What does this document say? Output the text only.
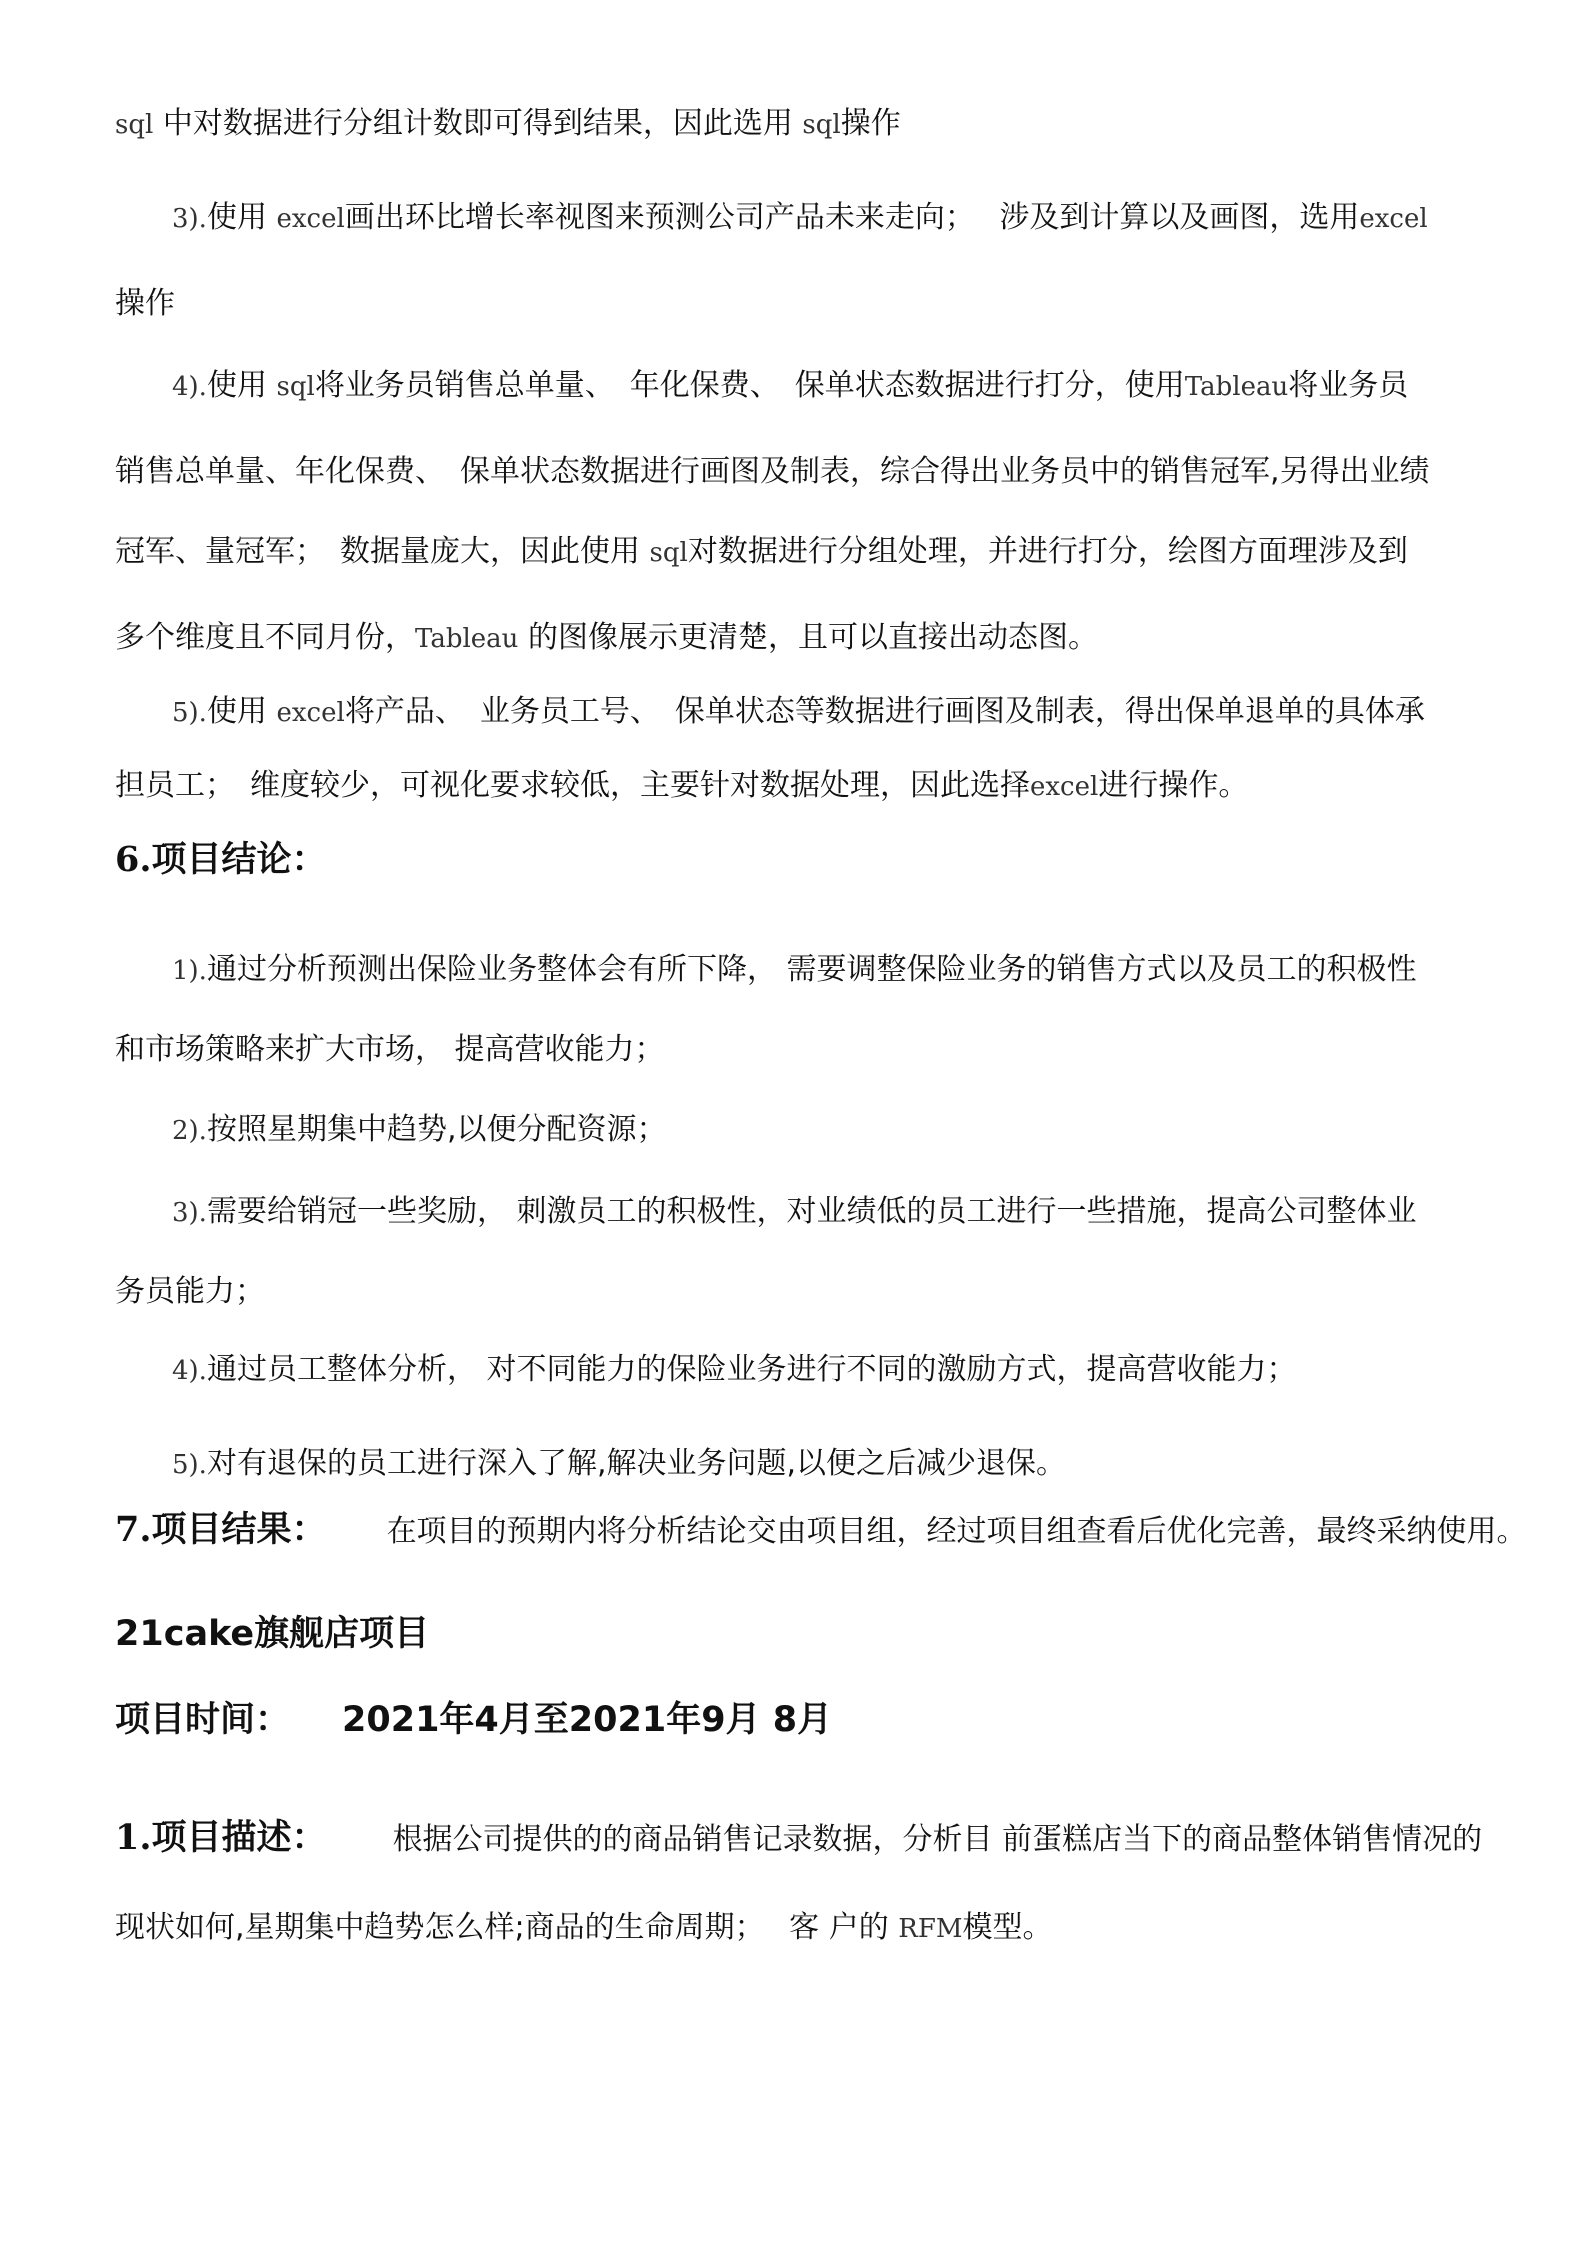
sql 中对数据进行分组计数即可得到结果，因此选用 sql操作
3).使用 excel画出环比增长率视图来预测公司产品未来走向；　 涉及到计算以及画图，选用excel
操作
4).使用 sql将业务员销售总单量、　年化保费、　保单状态数据进行打分，使用Tableau将业务员
销售总单量、年化保费、　保单状态数据进行画图及制表，综合得出业务员中的销售冠军,另得出业绩
冠军、量冠军；　数据量庞大，因此使用 sql对数据进行分组处理，并进行打分，绘图方面理涉及到
多个维度且不同月份，Tableau 的图像展示更清楚，且可以直接出动态图。
5).使用 excel将产品、　业务员工号、　保单状态等数据进行画图及制表，得出保单退单的具体承
担员工；　维度较少，可视化要求较低，主要针对数据处理，因此选择excel进行操作。
6.项目结论：
1).通过分析预测出保险业务整体会有所下降， 需要调整保险业务的销售方式以及员工的积极性
和市场策略来扩大市场， 提高营收能力；
2).按照星期集中趋势,以便分配资源；
3).需要给销冠一些奖励， 刺激员工的积极性，对业绩低的员工进行一些措施，提高公司整体业
务员能力；
4).通过员工整体分析， 对不同能力的保险业务进行不同的激励方式，提高营收能力；
5).对有退保的员工进行深入了解,解决业务问题,以便之后减少退保。
7.项目结果： 在项目的预期内将分析结论交由项目组，经过项目组查看后优化完善，最终采纳使用。
21cake旗舰店项目
项目时间： 2021年4月至2021年9月 8月
1.项目描述： 根据公司提供的的商品销售记录数据，分析目 前蛋糕店当下的商品整体销售情况的
现状如何,星期集中趋势怎么样;商品的生命周期；　 客 户的 RFM模型。
